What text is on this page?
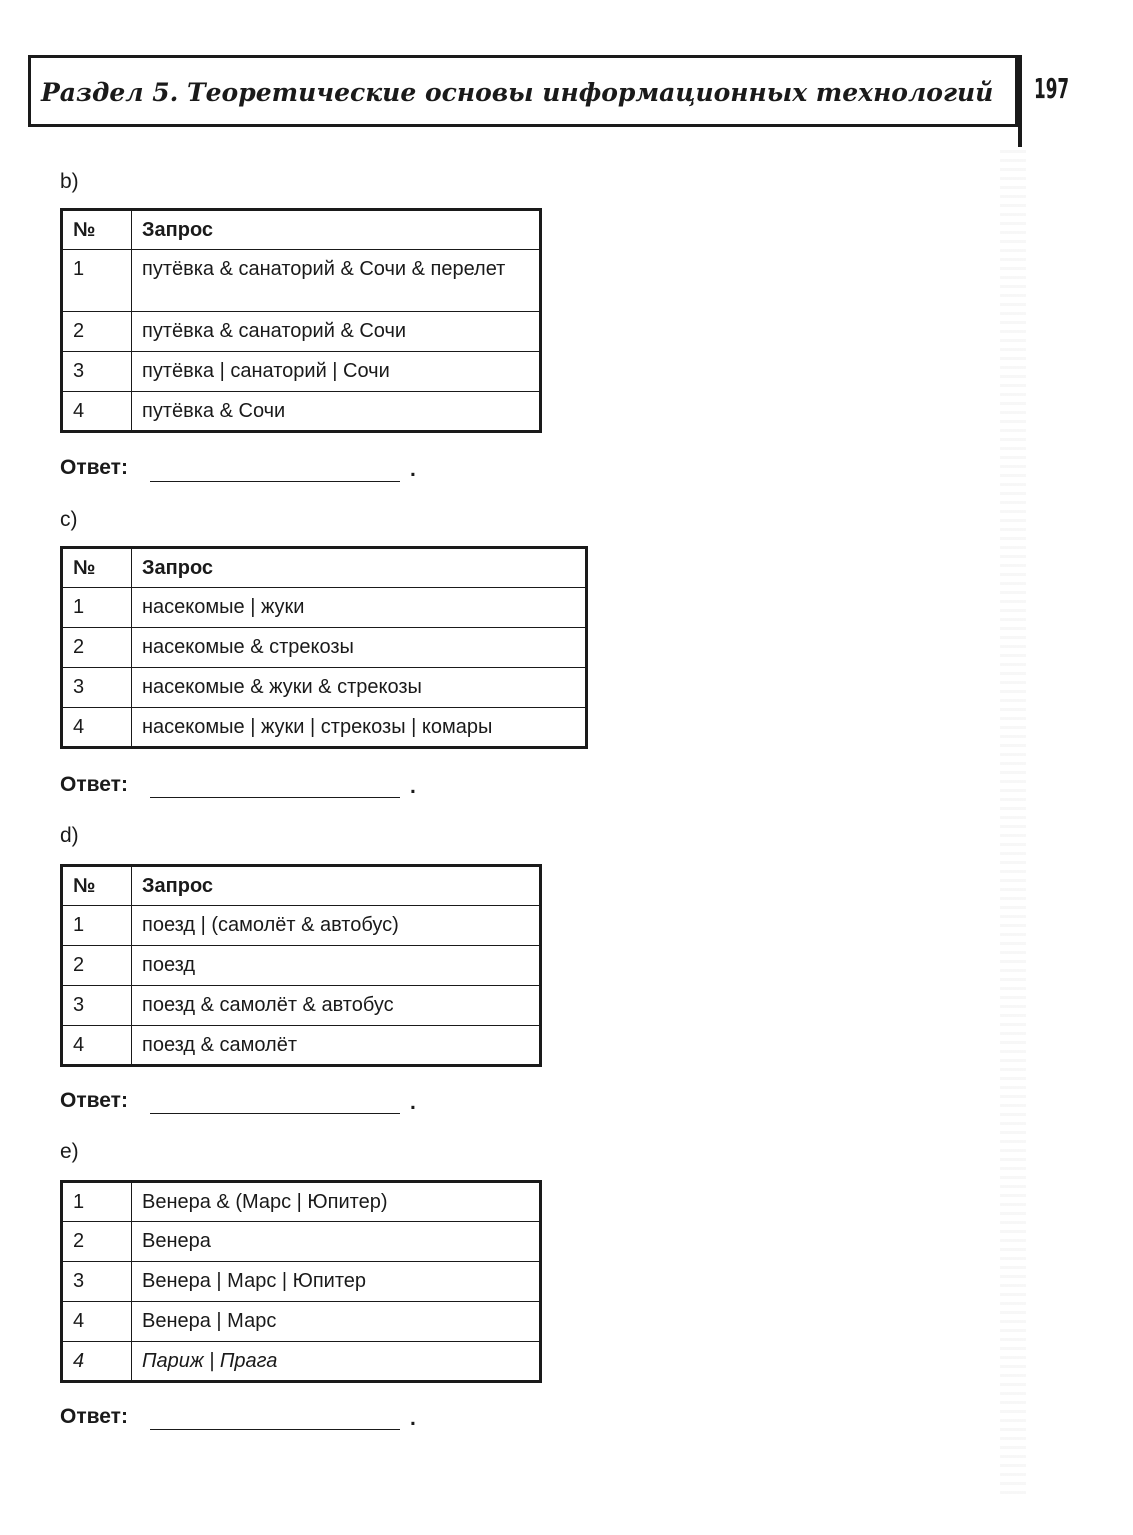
Раздел 5. Теоретические основы информационных технологий 197
b)
№	Запрос
1	путёвка & санаторий & Сочи & перелет
2	путёвка & санаторий & Сочи
3	путёвка | санаторий | Сочи
4	путёвка & Сочи
Ответ:	.
c)
№	Запрос
1	насекомые | жуки
2	насекомые & стрекозы
3	насекомые & жуки & стрекозы
4	насекомые | жуки | стрекозы | комары
Ответ:	.
d)
№	Запрос
1	поезд | (самолёт & автобус)
2	поезд
3	поезд & самолёт & автобус
4	поезд & самолёт
Ответ:	.
e)
1	Венера & (Марс | Юпитер)
2	Венера
3	Венера | Марс | Юпитер
4	Венера | Марс
4	Париж | Прага
Ответ:	.
